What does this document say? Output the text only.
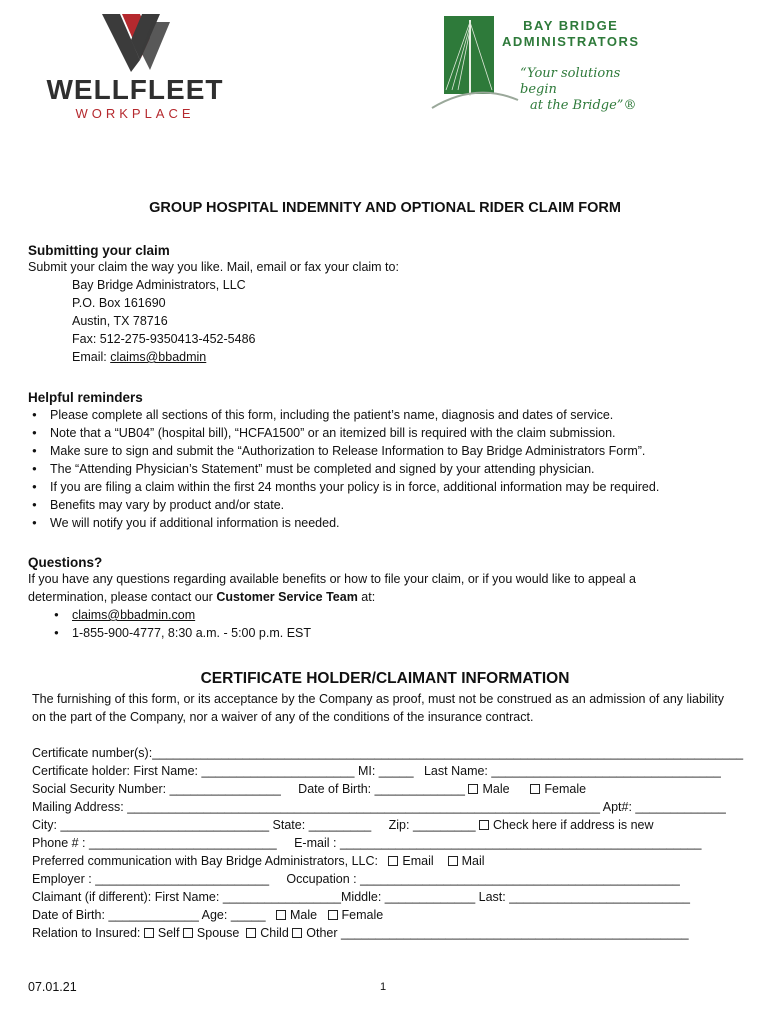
WELLFLEET
WORKPLACE
BAY BRIDGE
ADMINISTRATORS
“Your solutions begin
at the Bridge”®
GROUP HOSPITAL INDEMNITY AND OPTIONAL RIDER CLAIM FORM
Submitting your claim
Submit your claim the way you like. Mail, email or fax your claim to:
Bay Bridge Administrators, LLC
P.O. Box 161690
Austin, TX 78716
Fax: 512-275-9350413-452-5486
Email: claims@bbadmin
Helpful reminders
● Please complete all sections of this form, including the patient’s name, diagnosis and dates of service.
● Note that a “UB04” (hospital bill), “HCFA1500” or an itemized bill is required with the claim submission.
● Make sure to sign and submit the “Authorization to Release Information to Bay Bridge Administrators Form”.
● The “Attending Physician’s Statement” must be completed and signed by your attending physician.
● If you are filing a claim within the first 24 months your policy is in force, additional information may be required.
● Benefits may vary by product and/or state.
● We will notify you if additional information is needed.
Questions?
If you have any questions regarding available benefits or how to file your claim, or if you would like to appeal a determination, please contact our Customer Service Team at:
● claims@bbadmin.com
● 1-855-900-4777, 8:30 a.m. - 5:00 p.m. EST
CERTIFICATE HOLDER/CLAIMANT INFORMATION
The furnishing of this form, or its acceptance by the Company as proof, must not be construed as an admission of any liability on the part of the Company, nor a waiver of any of the conditions of the insurance contract.
Certificate number(s):_____________________________________________________________________________________
Certificate holder: First Name: ______________________ MI: _____ Last Name: _________________________________
Social Security Number: ________________ Date of Birth: _____________ Male	Female
Mailing Address: ____________________________________________________________________ Apt#: _____________
City: ______________________________ State: _________ Zip: _________ Check here if address is new
Phone # : ___________________________ E-mail : ____________________________________________________
Preferred communication with Bay Bridge Administrators, LLC: Email Mail
Employer : _________________________ Occupation : ______________________________________________
Claimant (if different): First Name: _________________Middle: _____________ Last: __________________________
Date of Birth: _____________ Age: _____ Male Female
Relation to Insured: Self Spouse Child Other __________________________________________________
07.01.21	1
